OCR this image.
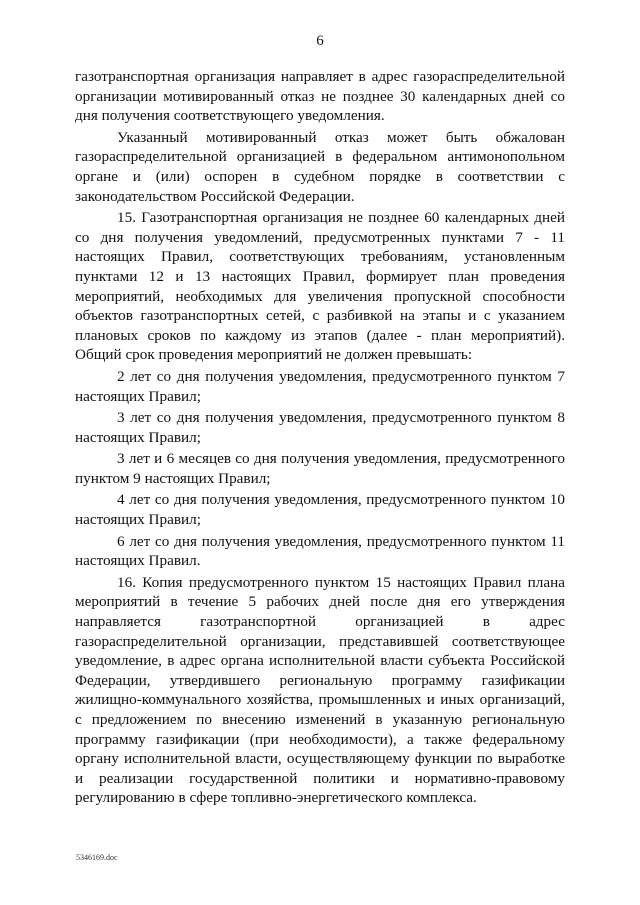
6

газотранспортная организация направляет в адрес газораспределительной организации мотивированный отказ не позднее 30 календарных дней со дня получения соответствующего уведомления.

Указанный мотивированный отказ может быть обжалован газораспределительной организацией в федеральном антимонопольном органе и (или) оспорен в судебном порядке в соответствии с законодательством Российской Федерации.

15. Газотранспортная организация не позднее 60 календарных дней со дня получения уведомлений, предусмотренных пунктами 7 - 11 настоящих Правил, соответствующих требованиям, установленным пунктами 12 и 13 настоящих Правил, формирует план проведения мероприятий, необходимых для увеличения пропускной способности объектов газотранспортных сетей, с разбивкой на этапы и с указанием плановых сроков по каждому из этапов (далее - план мероприятий). Общий срок проведения мероприятий не должен превышать:

2 лет со дня получения уведомления, предусмотренного пунктом 7 настоящих Правил;

3 лет со дня получения уведомления, предусмотренного пунктом 8 настоящих Правил;

3 лет и 6 месяцев со дня получения уведомления, предусмотренного пунктом 9 настоящих Правил;

4 лет со дня получения уведомления, предусмотренного пунктом 10 настоящих Правил;

6 лет со дня получения уведомления, предусмотренного пунктом 11 настоящих Правил.

16. Копия предусмотренного пунктом 15 настоящих Правил плана мероприятий в течение 5 рабочих дней после дня его утверждения направляется газотранспортной организацией в адрес газораспределительной организации, представившей соответствующее уведомление, в адрес органа исполнительной власти субъекта Российской Федерации, утвердившего региональную программу газификации жилищно-коммунального хозяйства, промышленных и иных организаций, с предложением по внесению изменений в указанную региональную программу газификации (при необходимости), а также федеральному органу исполнительной власти, осуществляющему функции по выработке и реализации государственной политики и нормативно-правовому регулированию в сфере топливно-энергетического комплекса.

5346169.doc
